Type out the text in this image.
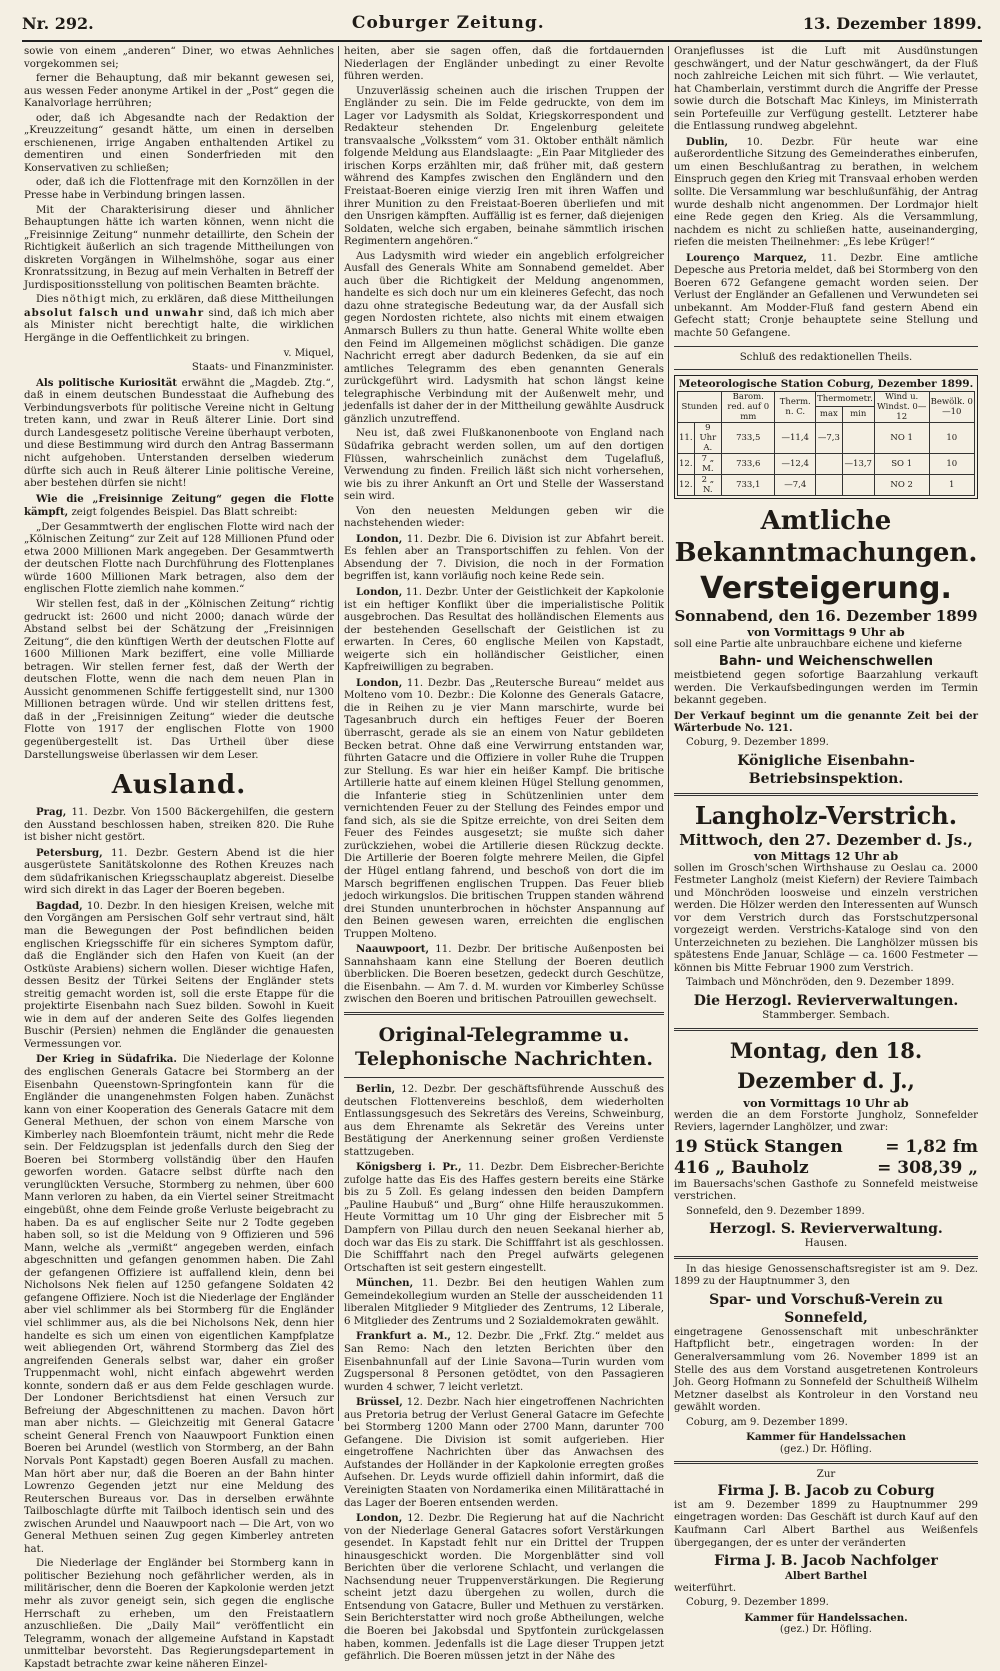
Nr. 292.	Coburger Zeitung.	13. Dezember 1899.

sowie von einem „anderen“ Diner, wo etwas Aehnliches vorgekommen sei;

ferner die Behauptung, daß mir bekannt gewesen sei, aus wessen Feder anonyme Artikel in der „Post“ gegen die Kanalvorlage herrühren;

oder, daß ich Abgesandte nach der Redaktion der „Kreuzzeitung“ gesandt hätte, um einen in derselben erschienenen, irrige Angaben enthaltenden Artikel zu dementiren und einen Sonderfrieden mit den Konservativen zu schließen;

oder, daß ich die Flottenfrage mit den Kornzöllen in der Presse habe in Verbindung bringen lassen.

Mit der Charakterisirung dieser und ähnlicher Behauptungen hätte ich warten können, wenn nicht die „Freisinnige Zeitung“ nunmehr detaillirte, den Schein der Richtigkeit äußerlich an sich tragende Mittheilungen von diskreten Vorgängen in Wilhelmshöhe, sogar aus einer Kronratssitzung, in Bezug auf mein Verhalten in Betreff der Jurdispositionsstellung von politischen Beamten brächte.

Dies nöthigt mich, zu erklären, daß diese Mittheilungen absolut falsch und unwahr sind, daß ich mich aber als Minister nicht berechtigt halte, die wirklichen Hergänge in die Oeffentlichkeit zu bringen.

v. Miquel,

Staats- und Finanzminister.

Als politische Kuriosität erwähnt die „Magdeb. Ztg.“, daß in einem deutschen Bundesstaat die Aufhebung des Verbindungsverbots für politische Vereine nicht in Geltung treten kann, und zwar in Reuß älterer Linie. Dort sind durch Landesgesetz politische Vereine überhaupt verboten, und diese Bestimmung wird durch den Antrag Bassermann nicht aufgehoben. Unterstanden derselben wiederum dürfte sich auch in Reuß älterer Linie politische Vereine, aber bestehen dürfen sie nicht!

Wie die „Freisinnige Zeitung“ gegen die Flotte kämpft, zeigt folgendes Beispiel. Das Blatt schreibt:

„Der Gesammtwerth der englischen Flotte wird nach der „Kölnischen Zeitung“ zur Zeit auf 128 Millionen Pfund oder etwa 2000 Millionen Mark angegeben. Der Gesammtwerth der deutschen Flotte nach Durchführung des Flottenplanes würde 1600 Millionen Mark betragen, also dem der englischen Flotte ziemlich nahe kommen.“

Wir stellen fest, daß in der „Kölnischen Zeitung“ richtig gedruckt ist: 2600 und nicht 2000; danach würde der Abstand selbst bei der Schätzung der „Freisinnigen Zeitung“, die den künftigen Werth der deutschen Flotte auf 1600 Millionen Mark beziffert, eine volle Milliarde betragen. Wir stellen ferner fest, daß der Werth der deutschen Flotte, wenn die nach dem neuen Plan in Aussicht genommenen Schiffe fertiggestellt sind, nur 1300 Millionen betragen würde. Und wir stellen drittens fest, daß in der „Freisinnigen Zeitung“ wieder die deutsche Flotte von 1917 der englischen Flotte von 1900 gegenübergestellt ist. Das Urtheil über diese Darstellungsweise überlassen wir dem Leser.

Ausland.

Prag, 11. Dezbr. Von 1500 Bäckergehilfen, die gestern den Ausstand beschlossen haben, streiken 820. Die Ruhe ist bisher nicht gestört.

Petersburg, 11. Dezbr. Gestern Abend ist die hier ausgerüstete Sanitätskolonne des Rothen Kreuzes nach dem südafrikanischen Kriegsschauplatz abgereist. Dieselbe wird sich direkt in das Lager der Boeren begeben.

Bagdad, 10. Dezbr. In den hiesigen Kreisen, welche mit den Vorgängen am Persischen Golf sehr vertraut sind, hält man die Bewegungen der Post befindlichen beiden englischen Kriegsschiffe für ein sicheres Symptom dafür, daß die Engländer sich den Hafen von Kueit (an der Ostküste Arabiens) sichern wollen. Dieser wichtige Hafen, dessen Besitz der Türkei Seitens der Engländer stets streitig gemacht worden ist, soll die erste Etappe für die projektirte Eisenbahn nach Suez bilden. Sowohl in Kueit wie in dem auf der anderen Seite des Golfes liegenden Buschir (Persien) nehmen die Engländer die genauesten Vermessungen vor.

Der Krieg in Südafrika. Die Niederlage der Kolonne des englischen Generals Gatacre bei Stormberg an der Eisenbahn Queenstown-Springfontein kann für die Engländer die unangenehmsten Folgen haben. Zunächst kann von einer Kooperation des Generals Gatacre mit dem General Methuen, der schon von einem Marsche von Kimberley nach Bloemfontein träumt, nicht mehr die Rede sein. Der Feldzugsplan ist jedenfalls durch den Sieg der Boeren bei Stormberg vollständig über den Haufen geworfen worden. Gatacre selbst dürfte nach den verunglückten Versuche, Stormberg zu nehmen, über 600 Mann verloren zu haben, da ein Viertel seiner Streitmacht eingebüßt, ohne dem Feinde große Verluste beigebracht zu haben. Da es auf englischer Seite nur 2 Todte gegeben haben soll, so ist die Meldung von 9 Offizieren und 596 Mann, welche als „vermißt“ angegeben werden, einfach abgeschnitten und gefangen genommen haben. Die Zahl der gefangenen Offiziere ist auffallend klein, denn bei Nicholsons Nek fielen auf 1250 gefangene Soldaten 42 gefangene Offiziere. Noch ist die Niederlage der Engländer aber viel schlimmer als bei Stormberg für die Engländer viel schlimmer aus, als die bei Nicholsons Nek, denn hier handelte es sich um einen von eigentlichen Kampfplatze weit abliegenden Ort, während Stormberg das Ziel des angreifenden Generals selbst war, daher ein großer Truppenmacht wohl, nicht einfach abgewehrt werden konnte, sondern daß er aus dem Felde geschlagen wurde. Der Londoner Berichtsdienst hat einen Versuch zur Befreiung der Abgeschnittenen zu machen. Davon hört man aber nichts. — Gleichzeitig mit General Gatacre scheint General French von Naauwpoort Funktion einen Boeren bei Arundel (westlich von Stormberg, an der Bahn Norvals Pont Kapstadt) gegen Boeren Ausfall zu machen. Man hört aber nur, daß die Boeren an der Bahn hinter Lowrenzo Gegenden jetzt nur eine Meldung des Reuterschen Bureaus vor. Das in derselben erwähnte Tailboschlagte dürfte mit Tailboch identisch sein und des zwischen Arundel und Naauwpoort nach — Die Art, von wo General Methuen seinen Zug gegen Kimberley antreten hat.

Die Niederlage der Engländer bei Stormberg kann in politischer Beziehung noch gefährlicher werden, als in militärischer, denn die Boeren der Kapkolonie werden jetzt mehr als zuvor geneigt sein, sich gegen die englische Herrschaft zu erheben, um den Freistaatlern anzuschließen. Die „Daily Mail“ veröffentlicht ein Telegramm, wonach der allgemeine Aufstand in Kapstadt unmittelbar bevorsteht. Das Regierungsdepartement in Kapstadt betrachte zwar keine näheren Einzel-

heiten, aber sie sagen offen, daß die fortdauernden Niederlagen der Engländer unbedingt zu einer Revolte führen werden.

Unzuverlässig scheinen auch die irischen Truppen der Engländer zu sein. Die im Felde gedruckte, von dem im Lager vor Ladysmith als Soldat, Kriegskorrespondent und Redakteur stehenden Dr. Engelenburg geleitete transvaalsche „Volksstem“ vom 31. Oktober enthält nämlich folgende Meldung aus Elandslaagte: „Ein Paar Mitglieder des irischen Korps erzählten mir, daß früher mit, daß gestern während des Kampfes zwischen den Engländern und den Freistaat-Boeren einige vierzig Iren mit ihren Waffen und ihrer Munition zu den Freistaat-Boeren überliefen und mit den Unsrigen kämpften. Auffällig ist es ferner, daß diejenigen Soldaten, welche sich ergaben, beinahe sämmtlich irischen Regimentern angehören.“

Aus Ladysmith wird wieder ein angeblich erfolgreicher Ausfall des Generals White am Sonnabend gemeldet. Aber auch über die Richtigkeit der Meldung angenommen, handelte es sich doch nur um ein kleineres Gefecht, das noch dazu ohne strategische Bedeutung war, da der Ausfall sich gegen Nordosten richtete, also nichts mit einem etwaigen Anmarsch Bullers zu thun hatte. General White wollte eben den Feind im Allgemeinen möglichst schädigen. Die ganze Nachricht erregt aber dadurch Bedenken, da sie auf ein amtliches Telegramm des eben genannten Generals zurückgeführt wird. Ladysmith hat schon längst keine telegraphische Verbindung mit der Außenwelt mehr, und jedenfalls ist daher der in der Mittheilung gewählte Ausdruck gänzlich unzutreffend.

Neu ist, daß zwei Flußkanonenboote von England nach Südafrika gebracht werden sollen, um auf den dortigen Flüssen, wahrscheinlich zunächst dem Tugelafluß, Verwendung zu finden. Freilich läßt sich nicht vorhersehen, wie bis zu ihrer Ankunft an Ort und Stelle der Wasserstand sein wird.

Von den neuesten Meldungen geben wir die nachstehenden wieder:

London, 11. Dezbr. Die 6. Division ist zur Abfahrt bereit. Es fehlen aber an Transportschiffen zu fehlen. Von der Absendung der 7. Division, die noch in der Formation begriffen ist, kann vorläufig noch keine Rede sein.

London, 11. Dezbr. Unter der Geistlichkeit der Kapkolonie ist ein heftiger Konflikt über die imperialistische Politik ausgebrochen. Das Resultat des holländischen Elements aus der bestehenden Gesellschaft der Geistlichen ist zu erwarten. In Ceres, 60 englische Meilen von Kapstadt, weigerte sich ein holländischer Geistlicher, einen Kapfreiwilligen zu begraben.

London, 11. Dezbr. Das „Reutersche Bureau“ meldet aus Molteno vom 10. Dezbr.: Die Kolonne des Generals Gatacre, die in Reihen zu je vier Mann marschirte, wurde bei Tagesanbruch durch ein heftiges Feuer der Boeren überrascht, gerade als sie an einem von Natur gebildeten Becken betrat. Ohne daß eine Verwirrung entstanden war, führten Gatacre und die Offiziere in voller Ruhe die Truppen zur Stellung. Es war hier ein heißer Kampf. Die britische Artillerie hatte auf einem kleinen Hügel Stellung genommen, die Infanterie stieg in Schützenlinien unter dem vernichtenden Feuer zu der Stellung des Feindes empor und fand sich, als sie die Spitze erreichte, von drei Seiten dem Feuer des Feindes ausgesetzt; sie mußte sich daher zurückziehen, wobei die Artillerie diesen Rückzug deckte. Die Artillerie der Boeren folgte mehrere Meilen, die Gipfel der Hügel entlang fahrend, und beschoß von dort die im Marsch begriffenen englischen Truppen. Das Feuer blieb jedoch wirkungslos. Die britischen Truppen standen während drei Stunden ununterbrochen in höchster Anspannung auf den Beinen gewesen waren, erreichten die englischen Truppen Molteno.

Naauwpoort, 11. Dezbr. Der britische Außenposten bei Sannahshaam kann eine Stellung der Boeren deutlich überblicken. Die Boeren besetzen, gedeckt durch Geschütze, die Eisenbahn. — Am 7. d. M. wurden vor Kimberley Schüsse zwischen den Boeren und britischen Patrouillen gewechselt.

Original-Telegramme u. Telephonische Nachrichten.

Berlin, 12. Dezbr. Der geschäftsführende Ausschuß des deutschen Flottenvereins beschloß, dem wiederholten Entlassungsgesuch des Sekretärs des Vereins, Schweinburg, aus dem Ehrenamte als Sekretär des Vereins unter Bestätigung der Anerkennung seiner großen Verdienste stattzugeben.

Königsberg i. Pr., 11. Dezbr. Dem Eisbrecher-Berichte zufolge hatte das Eis des Haffes gestern bereits eine Stärke bis zu 5 Zoll. Es gelang indessen den beiden Dampfern „Pauline Haubuß“ und „Burg“ ohne Hilfe herauszukommen. Heute Vormittag um 10 Uhr ging der Eisbrecher mit 5 Dampfern von Pillau durch den neuen Seekanal hierher ab, doch war das Eis zu stark. Die Schifffahrt ist als geschlossen. Die Schifffahrt nach den Pregel aufwärts gelegenen Ortschaften ist seit gestern eingestellt.

München, 11. Dezbr. Bei den heutigen Wahlen zum Gemeindekollegium wurden an Stelle der ausscheidenden 11 liberalen Mitglieder 9 Mitglieder des Zentrums, 12 Liberale, 6 Mitglieder des Zentrums und 2 Sozialdemokraten gewählt.

Frankfurt a. M., 12. Dezbr. Die „Frkf. Ztg.“ meldet aus San Remo: Nach den letzten Berichten über den Eisenbahnunfall auf der Linie Savona—Turin wurden vom Zugspersonal 8 Personen getödtet, von den Passagieren wurden 4 schwer, 7 leicht verletzt.

Brüssel, 12. Dezbr. Nach hier eingetroffenen Nachrichten aus Pretoria betrug der Verlust General Gatacre im Gefechte bei Stormberg 1200 Mann oder 2700 Mann, darunter 700 Gefangene. Die Division ist somit aufgerieben. Hier eingetroffene Nachrichten über das Anwachsen des Aufstandes der Holländer in der Kapkolonie erregten großes Aufsehen. Dr. Leyds wurde offiziell dahin informirt, daß die Vereinigten Staaten von Nordamerika einen Militärattaché in das Lager der Boeren entsenden werden.

London, 12. Dezbr. Die Regierung hat auf die Nachricht von der Niederlage General Gatacres sofort Verstärkungen gesendet. In Kapstadt fehlt nur ein Drittel der Truppen hinausgeschickt worden. Die Morgenblätter sind voll Berichten über die verlorene Schlacht, und verlangen die Nachsendung neuer Truppenverstärkungen. Die Regierung scheint jetzt dazu übergehen zu wollen, durch die Entsendung von Gatacre, Buller und Methuen zu verstärken. Sein Berichterstatter wird noch große Abtheilungen, welche die Boeren bei Jakobsdal und Spytfontein zurückgelassen haben, kommen. Jedenfalls ist die Lage dieser Truppen jetzt gefährlich. Die Boeren müssen jetzt in der Nähe des

Oranjeflusses ist die Luft mit Ausdünstungen geschwängert, und der Natur geschwängert, da der Fluß noch zahlreiche Leichen mit sich führt. — Wie verlautet, hat Chamberlain, verstimmt durch die Angriffe der Presse sowie durch die Botschaft Mac Kinleys, im Ministerrath sein Portefeuille zur Verfügung gestellt. Letzterer habe die Entlassung rundweg abgelehnt.

Dublin, 10. Dezbr. Für heute war eine außerordentliche Sitzung des Gemeinderathes einberufen, um einen Beschlußantrag zu berathen, in welchem Einspruch gegen den Krieg mit Transvaal erhoben werden sollte. Die Versammlung war beschlußunfähig, der Antrag wurde deshalb nicht angenommen. Der Lordmajor hielt eine Rede gegen den Krieg. Als die Versammlung, nachdem es nicht zu schließen hatte, auseinanderging, riefen die meisten Theilnehmer: „Es lebe Krüger!“

Lourenço Marquez, 11. Dezbr. Eine amtliche Depesche aus Pretoria meldet, daß bei Stormberg von den Boeren 672 Gefangene gemacht worden seien. Der Verlust der Engländer an Gefallenen und Verwundeten sei unbekannt. Am Modder-Fluß fand gestern Abend ein Gefecht statt; Cronje behauptete seine Stellung und machte 50 Gefangene.

Schluß des redaktionellen Theils.
Meteorologische Station Coburg, Dezember 1899.
Stunden		Barom. red. auf 0 mm	Therm. n. C.	Thermometr.		Wind u. Windst. 0—12	Bewölk. 0—10
				max	min		
11.	9 Uhr A.	733,5	—11,4	—7,3		NO 1	10
12.	7 „ M.	733,6	—12,4		—13,7	SO 1	10
12.	2 „ N.	733,1	—7,4			NO 2	1
Amtliche Bekanntmachungen.
Versteigerung.
Sonnabend, den 16. Dezember 1899
von Vormittags 9 Uhr ab

soll eine Partie alte unbrauchbare eichene und kieferne

Bahn- und Weichenschwellen

meistbietend gegen sofortige Baarzahlung verkauft werden. Die Verkaufsbedingungen werden im Termin bekannt gegeben.

Der Verkauf beginnt um die genannte Zeit bei der Wärterbude No. 121.

Coburg, 9. Dezember 1899.

Königliche Eisenbahn-Betriebsinspektion.
Langholz-Verstrich.
Mittwoch, den 27. Dezember d. Js.,
von Mittags 12 Uhr ab

sollen im Grosch'schen Wirthshause zu Oeslau ca. 2000 Festmeter Langholz (meist Kiefern) der Reviere Taimbach und Mönchröden loosweise und einzeln verstrichen werden. Die Hölzer werden den Interessenten auf Wunsch vor dem Verstrich durch das Forstschutzpersonal vorgezeigt werden. Verstrichs-Kataloge sind von den Unterzeichneten zu beziehen. Die Langhölzer müssen bis spätestens Ende Januar, Schläge — ca. 1600 Festmeter — können bis Mitte Februar 1900 zum Verstrich.

Taimbach und Mönchröden, den 9. Dezember 1899.

Die Herzogl. Revierverwaltungen.
Stammberger. Sembach.
Montag, den 18. Dezember d. J.,
von Vormittags 10 Uhr ab

werden die an dem Forstorte Jungholz, Sonnefelder Reviers, lagernder Langhölzer, und zwar:

19 Stück Stangen	= 1,82 fm
416 „ Bauholz	= 308,39 „

im Bauersachs'schen Gasthofe zu Sonnefeld meistweise verstrichen.

Sonnefeld, den 9. Dezember 1899.

Herzogl. S. Revierverwaltung.
Hausen.

In das hiesige Genossenschaftsregister ist am 9. Dez. 1899 zu der Hauptnummer 3, den

Spar- und Vorschuß-Verein zu Sonnefeld,

eingetragene Genossenschaft mit unbeschränkter Haftpflicht betr., eingetragen worden: In der Generalversammlung vom 26. November 1899 ist an Stelle des aus dem Vorstand ausgetretenen Kontroleurs Joh. Georg Hofmann zu Sonnefeld der Schultheiß Wilhelm Metzner daselbst als Kontroleur in den Vorstand neu gewählt worden.

Coburg, am 9. Dezember 1899.

Kammer für Handelssachen
(gez.) Dr. Höfling.
Zur
Firma J. B. Jacob zu Coburg

ist am 9. Dezember 1899 zu Hauptnummer 299 eingetragen worden: Das Geschäft ist durch Kauf auf den Kaufmann Carl Albert Barthel aus Weißenfels übergegangen, der es unter der veränderten

Firma J. B. Jacob Nachfolger
Albert Barthel

weiterführt.

Coburg, 9. Dezember 1899.

Kammer für Handelssachen.
(gez.) Dr. Höfling.
